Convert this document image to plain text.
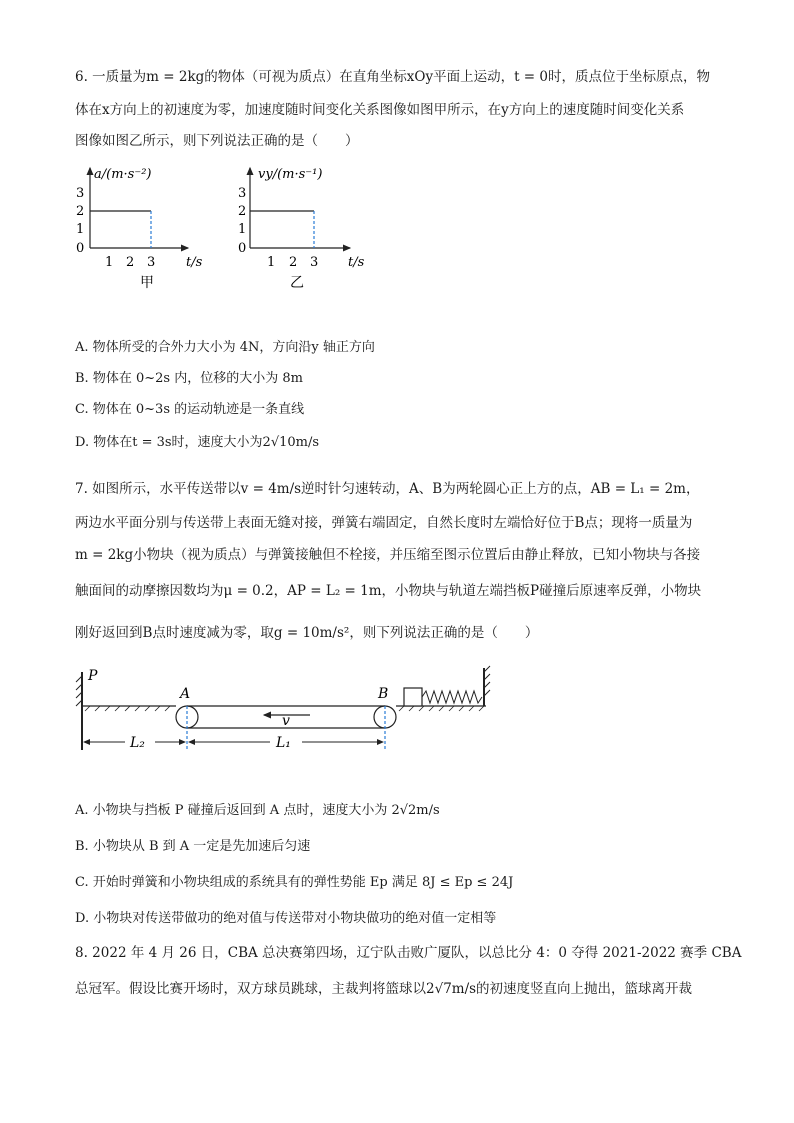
6. 一质量为m = 2kg的物体（可视为质点）在直角坐标xOy平面上运动，t = 0时，质点位于坐标原点，物
体在x方向上的初速度为零，加速度随时间变化关系图像如图甲所示，在y方向上的速度随时间变化关系
图像如图乙所示，则下列说法正确的是（　　）
a/(m·s⁻²)
3
2
1
0
1 2 3 t/s
甲
vy/(m·s⁻¹)
3
2
1
0
1 2 3 t/s
乙
A. 物体所受的合外力大小为 4N，方向沿y 轴正方向
B. 物体在 0~2s 内，位移的大小为 8m
C. 物体在 0~3s 的运动轨迹是一条直线
D. 物体在t = 3s时，速度大小为2√10m/s
7. 如图所示，水平传送带以v = 4m/s逆时针匀速转动，A、B为两轮圆心正上方的点，AB = L₁ = 2m，
两边水平面分别与传送带上表面无缝对接，弹簧右端固定，自然长度时左端恰好位于B点；现将一质量为
m = 2kg小物块（视为质点）与弹簧接触但不栓接，并压缩至图示位置后由静止释放，已知小物块与各接
触面间的动摩擦因数均为μ = 0.2，AP = L₂ = 1m，小物块与轨道左端挡板P碰撞后原速率反弹，小物块
刚好返回到B点时速度减为零，取g = 10m/s²，则下列说法正确的是（　　）
P
A	B
v
L₂	L₁
A. 小物块与挡板 P 碰撞后返回到 A 点时，速度大小为 2√2m/s
B. 小物块从 B 到 A 一定是先加速后匀速
C. 开始时弹簧和小物块组成的系统具有的弹性势能 Ep 满足 8J ≤ Ep ≤ 24J
D. 小物块对传送带做功的绝对值与传送带对小物块做功的绝对值一定相等
8. 2022 年 4 月 26 日，CBA 总决赛第四场，辽宁队击败广厦队，以总比分 4：0 夺得 2021-2022 赛季 CBA
总冠军。假设比赛开场时，双方球员跳球，主裁判将篮球以2√7m/s的初速度竖直向上抛出，篮球离开裁
